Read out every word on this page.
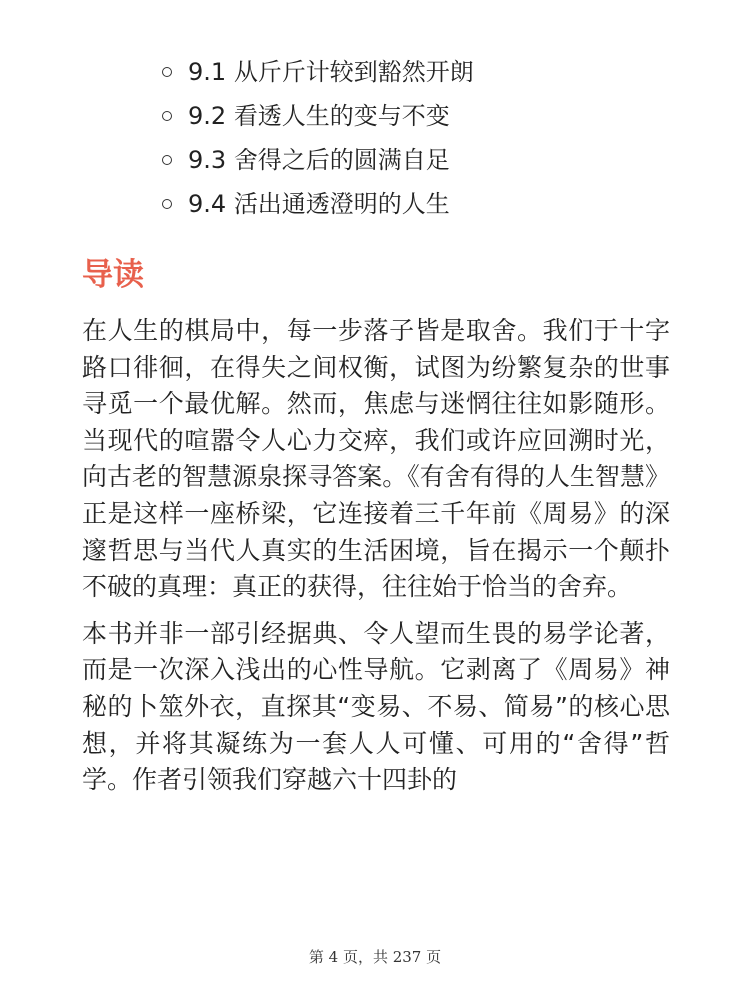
9.1
从斤斤计较到豁然开朗
9.2
看透人生的变与不变
9.3
舍得之后的圆满自足
9.4
活出通透澄明的人生
导读

在人生的棋局中，每一步落子皆是取舍。我们于十字路口徘徊，在得失之间权衡，试图为纷繁复杂的世事寻觅一个最优解。然而，焦虑与迷惘往往如影随形。当现代的喧嚣令人心力交瘁，我们或许应回溯时光，向古老的智慧源泉探寻答案。《有舍有得的人生智慧》正是这样一座桥梁，它连接着三千年前《周易》的深邃哲思与当代人真实的生活困境，旨在揭示一个颠扑不破的真理：真正的获得，往往始于恰当的舍弃。

本书并非一部引经据典、令人望而生畏的易学论著，而是一次深入浅出的心性导航。它剥离了《周易》神秘的卜筮外衣，直探其“变易、不易、简易”的核心思想，并将其凝练为一套人人可懂、可用的“舍得”哲学。作者引领我们穿越六十四卦的

第 4 页，共 237 页
